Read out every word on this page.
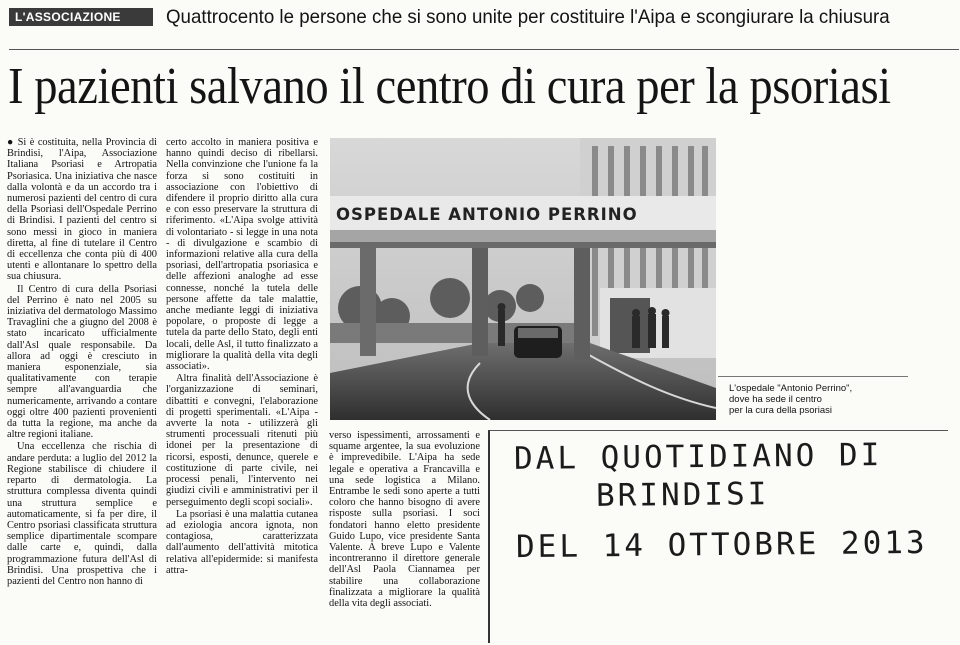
L'ASSOCIAZIONE	Quattrocento le persone che si sono unite per costituire l'Aipa e scongiurare la chiusura
I pazienti salvano il centro di cura per la psoriasi

● Si è costituita, nella Provincia di Brindisi, l'Aipa, Associazione Italiana Psoriasi e Artropatia Psoriasica. Una iniziativa che nasce dalla volontà e da un accordo tra i numerosi pazienti del centro di cura della Psoriasi dell'Ospedale Perrino di Brindisi. I pazienti del centro si sono messi in gioco in maniera diretta, al fine di tutelare il Centro di eccellenza che conta più di 400 utenti e allontanare lo spettro della sua chiusura.

Il Centro di cura della Psoriasi del Perrino è nato nel 2005 su iniziativa del dermatologo Massimo Travaglini che a giugno del 2008 è stato incaricato ufficialmente dall'Asl quale responsabile. Da allora ad oggi è cresciuto in maniera esponenziale, sia qualitativamente con terapie sempre all'avanguardia che numericamente, arrivando a contare oggi oltre 400 pazienti provenienti da tutta la regione, ma anche da altre regioni italiane.

Una eccellenza che rischia di andare perduta: a luglio del 2012 la Regione stabilisce di chiudere il reparto di dermatologia. La struttura complessa diventa quindi una struttura semplice e automaticamente, si fa per dire, il Centro psoriasi classificata struttura semplice dipartimentale scompare dalle carte e, quindi, dalla programmazione futura dell'Asl di Brindisi. Una prospettiva che i pazienti del Centro non hanno di

certo accolto in maniera positiva e hanno quindi deciso di ribellarsi. Nella convinzione che l'unione fa la forza si sono costituiti in associazione con l'obiettivo di difendere il proprio diritto alla cura e con esso preservare la struttura di riferimento. «L'Aipa svolge attività di volontariato - si legge in una nota - di divulgazione e scambio di informazioni relative alla cura della psoriasi, dell'artropatia psoriasica e delle affezioni analoghe ad esse connesse, nonché la tutela delle persone affette da tale malattie, anche mediante leggi di iniziativa popolare, o proposte di legge a tutela da parte dello Stato, degli enti locali, delle Asl, il tutto finalizzato a migliorare la qualità della vita degli associati».

Altra finalità dell'Associazione è l'organizzazione di seminari, dibattiti e convegni, l'elaborazione di progetti sperimentali. «L'Aipa - avverte la nota - utilizzerà gli strumenti processuali ritenuti più idonei per la presentazione di ricorsi, esposti, denunce, querele e costituzione di parte civile, nei processi penali, l'intervento nei giudizi civili e amministrativi per il perseguimento degli scopi sociali».

La psoriasi è una malattia cutanea ad eziologia ancora ignota, non contagiosa, caratterizzata dall'aumento dell'attività mitotica relativa all'epidermide: si manifesta attra-

OSPEDALE ANTONIO PERRINO
L'ospedale "Antonio Perrino",
dove ha sede il centro
per la cura della psoriasi

verso ispessimenti, arrossamenti e squame argentee, la sua evoluzione è imprevedibile. L'Aipa ha sede legale e operativa a Francavilla e una sede logistica a Milano. Entrambe le sedi sono aperte a tutti coloro che hanno bisogno di avere risposte sulla psoriasi. I soci fondatori hanno eletto presidente Guido Lupo, vice presidente Santa Valente. A breve Lupo e Valente incontreranno il direttore generale dell'Asl Paola Ciannamea per stabilire una collaborazione finalizzata a migliorare la qualità della vita degli associati.

DAL QUOTIDIANO DI
BRINDISI
DEL 14 OTTOBRE 2013
